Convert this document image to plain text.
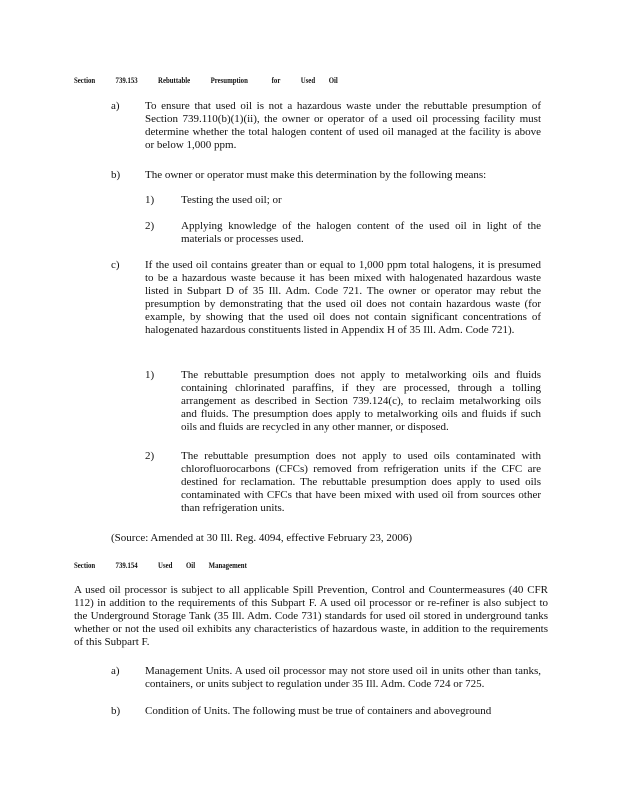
Section	739.153	Rebuttable	Presumption	for	Used Oil
a) To ensure that used oil is not a hazardous waste under the rebuttable presumption of Section 739.110(b)(1)(ii), the owner or operator of a used oil processing facility must determine whether the total halogen content of used oil managed at the facility is above or below 1,000 ppm.
b) The owner or operator must make this determination by the following means:
1) Testing the used oil; or
2) Applying knowledge of the halogen content of the used oil in light of the materials or processes used.
c) If the used oil contains greater than or equal to 1,000 ppm total halogens, it is presumed to be a hazardous waste because it has been mixed with halogenated hazardous waste listed in Subpart D of 35 Ill. Adm. Code 721. The owner or operator may rebut the presumption by demonstrating that the used oil does not contain hazardous waste (for example, by showing that the used oil does not contain significant concentrations of halogenated hazardous constituents listed in Appendix H of 35 Ill. Adm. Code 721).
1) The rebuttable presumption does not apply to metalworking oils and fluids containing chlorinated paraffins, if they are processed, through a tolling arrangement as described in Section 739.124(c), to reclaim metalworking oils and fluids. The presumption does apply to metalworking oils and fluids if such oils and fluids are recycled in any other manner, or disposed.
2) The rebuttable presumption does not apply to used oils contaminated with chlorofluorocarbons (CFCs) removed from refrigeration units if the CFC are destined for reclamation. The rebuttable presumption does apply to used oils contaminated with CFCs that have been mixed with used oil from sources other than refrigeration units.
(Source: Amended at 30 Ill. Reg. 4094, effective February 23, 2006)
Section	739.154	Used Oil Management
A used oil processor is subject to all applicable Spill Prevention, Control and Countermeasures (40 CFR 112) in addition to the requirements of this Subpart F. A used oil processor or re-refiner is also subject to the Underground Storage Tank (35 Ill. Adm. Code 731) standards for used oil stored in underground tanks whether or not the used oil exhibits any characteristics of hazardous waste, in addition to the requirements of this Subpart F.
a) Management Units. A used oil processor may not store used oil in units other than tanks, containers, or units subject to regulation under 35 Ill. Adm. Code 724 or 725.
b) Condition of Units. The following must be true of containers and aboveground
